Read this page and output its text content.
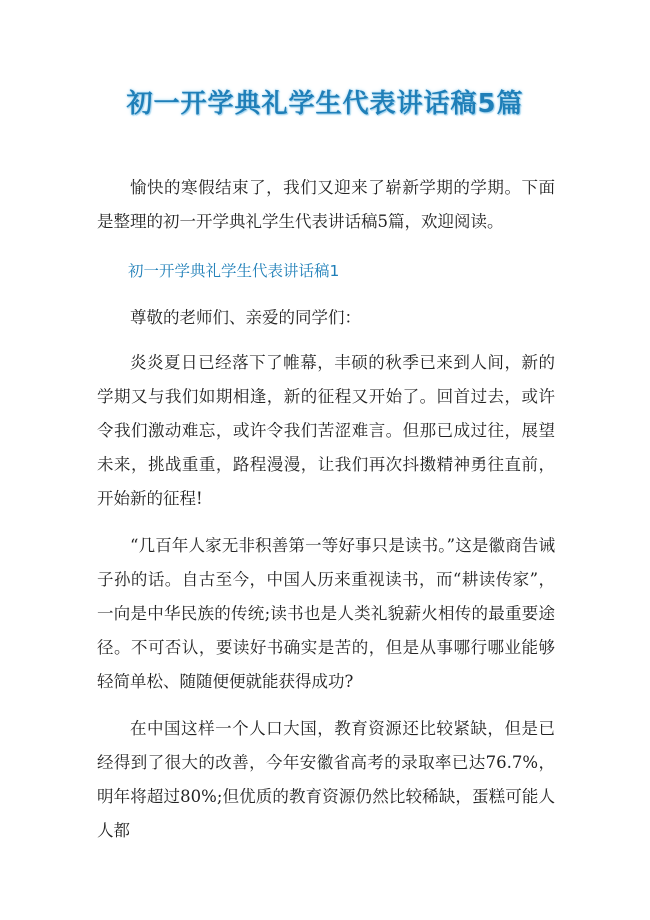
初一开学典礼学生代表讲话稿5篇

愉快的寒假结束了，我们又迎来了崭新学期的学期。下面是整理的初一开学典礼学生代表讲话稿5篇，欢迎阅读。

初一开学典礼学生代表讲话稿1

尊敬的老师们、亲爱的同学们：

炎炎夏日已经落下了帷幕，丰硕的秋季已来到人间，新的学期又与我们如期相逢，新的征程又开始了。回首过去，或许令我们激动难忘，或许令我们苦涩难言。但那已成过往，展望未来，挑战重重，路程漫漫，让我们再次抖擞精神勇往直前，开始新的征程!

“几百年人家无非积善第一等好事只是读书。”这是徽商告诫子孙的话。自古至今，中国人历来重视读书，而“耕读传家”，一向是中华民族的传统;读书也是人类礼貌薪火相传的最重要途径。不可否认，要读好书确实是苦的，但是从事哪行哪业能够轻简单松、随随便便就能获得成功?

在中国这样一个人口大国，教育资源还比较紧缺，但是已经得到了很大的改善，今年安徽省高考的录取率已达76.7%，明年将超过80%;但优质的教育资源仍然比较稀缺，蛋糕可能人人都
